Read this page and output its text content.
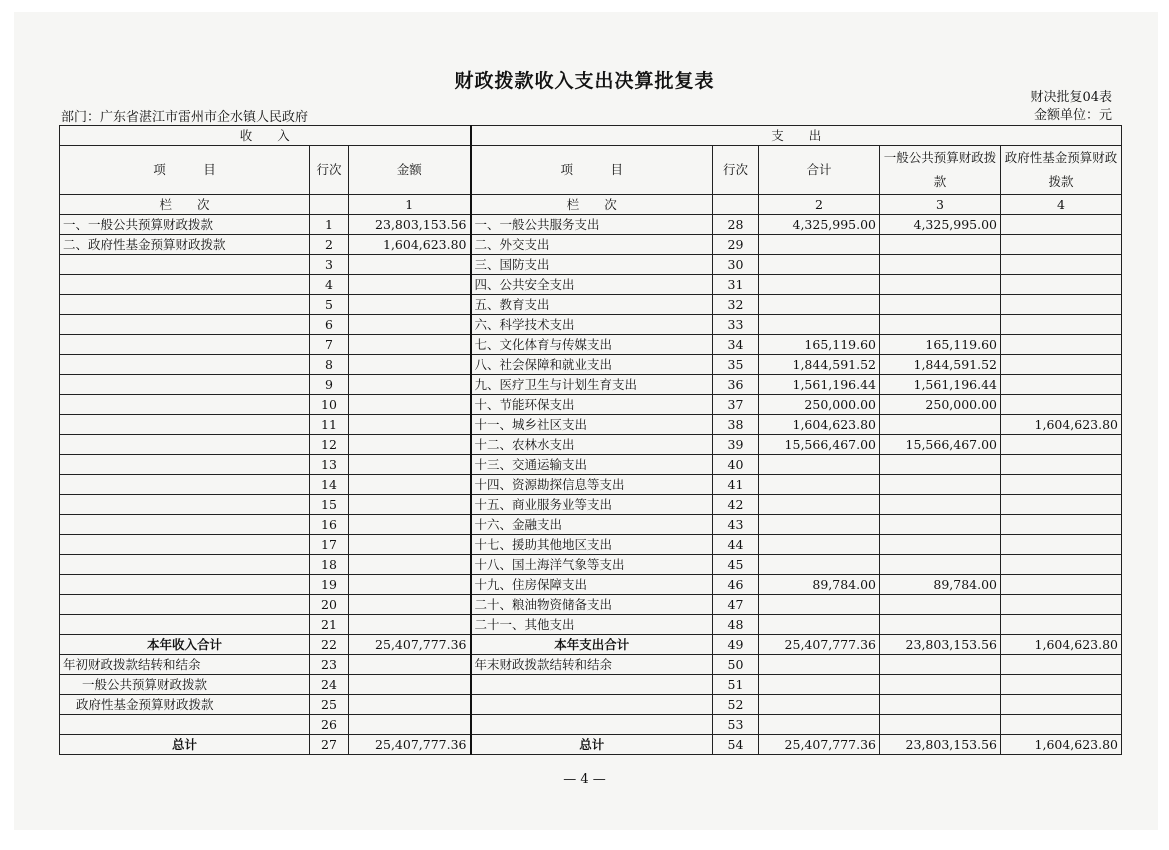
财政拨款收入支出决算批复表
财决批复04表
部门：广东省湛江市雷州市企水镇人民政府	金额单位：元
收　　入			支　　出				
项　　　目	行次	金额	项　　　目	行次	合计	一般公共预算财政拨款	政府性基金预算财政拨款
栏　　次		1	栏　　次		2	3	4
一、一般公共预算财政拨款	1	23,803,153.56	一、一般公共服务支出	28	4,325,995.00	4,325,995.00	
二、政府性基金预算财政拨款	2	1,604,623.80	二、外交支出	29			
	3		三、国防支出	30			
	4		四、公共安全支出	31			
	5		五、教育支出	32			
	6		六、科学技术支出	33			
	7		七、文化体育与传媒支出	34	165,119.60	165,119.60	
	8		八、社会保障和就业支出	35	1,844,591.52	1,844,591.52	
	9		九、医疗卫生与计划生育支出	36	1,561,196.44	1,561,196.44	
	10		十、节能环保支出	37	250,000.00	250,000.00	
	11		十一、城乡社区支出	38	1,604,623.80		1,604,623.80
	12		十二、农林水支出	39	15,566,467.00	15,566,467.00	
	13		十三、交通运输支出	40			
	14		十四、资源勘探信息等支出	41			
	15		十五、商业服务业等支出	42			
	16		十六、金融支出	43			
	17		十七、援助其他地区支出	44			
	18		十八、国土海洋气象等支出	45			
	19		十九、住房保障支出	46	89,784.00	89,784.00	
	20		二十、粮油物资储备支出	47			
	21		二十一、其他支出	48			
本年收入合计	22	25,407,777.36	本年支出合计	49	25,407,777.36	23,803,153.56	1,604,623.80
年初财政拨款结转和结余	23		年末财政拨款结转和结余	50			
一般公共预算财政拨款	24			51			
政府性基金预算财政拨款	25			52			
	26			53			
总计	27	25,407,777.36	总计	54	25,407,777.36	23,803,153.56	1,604,623.80
— 4 —
